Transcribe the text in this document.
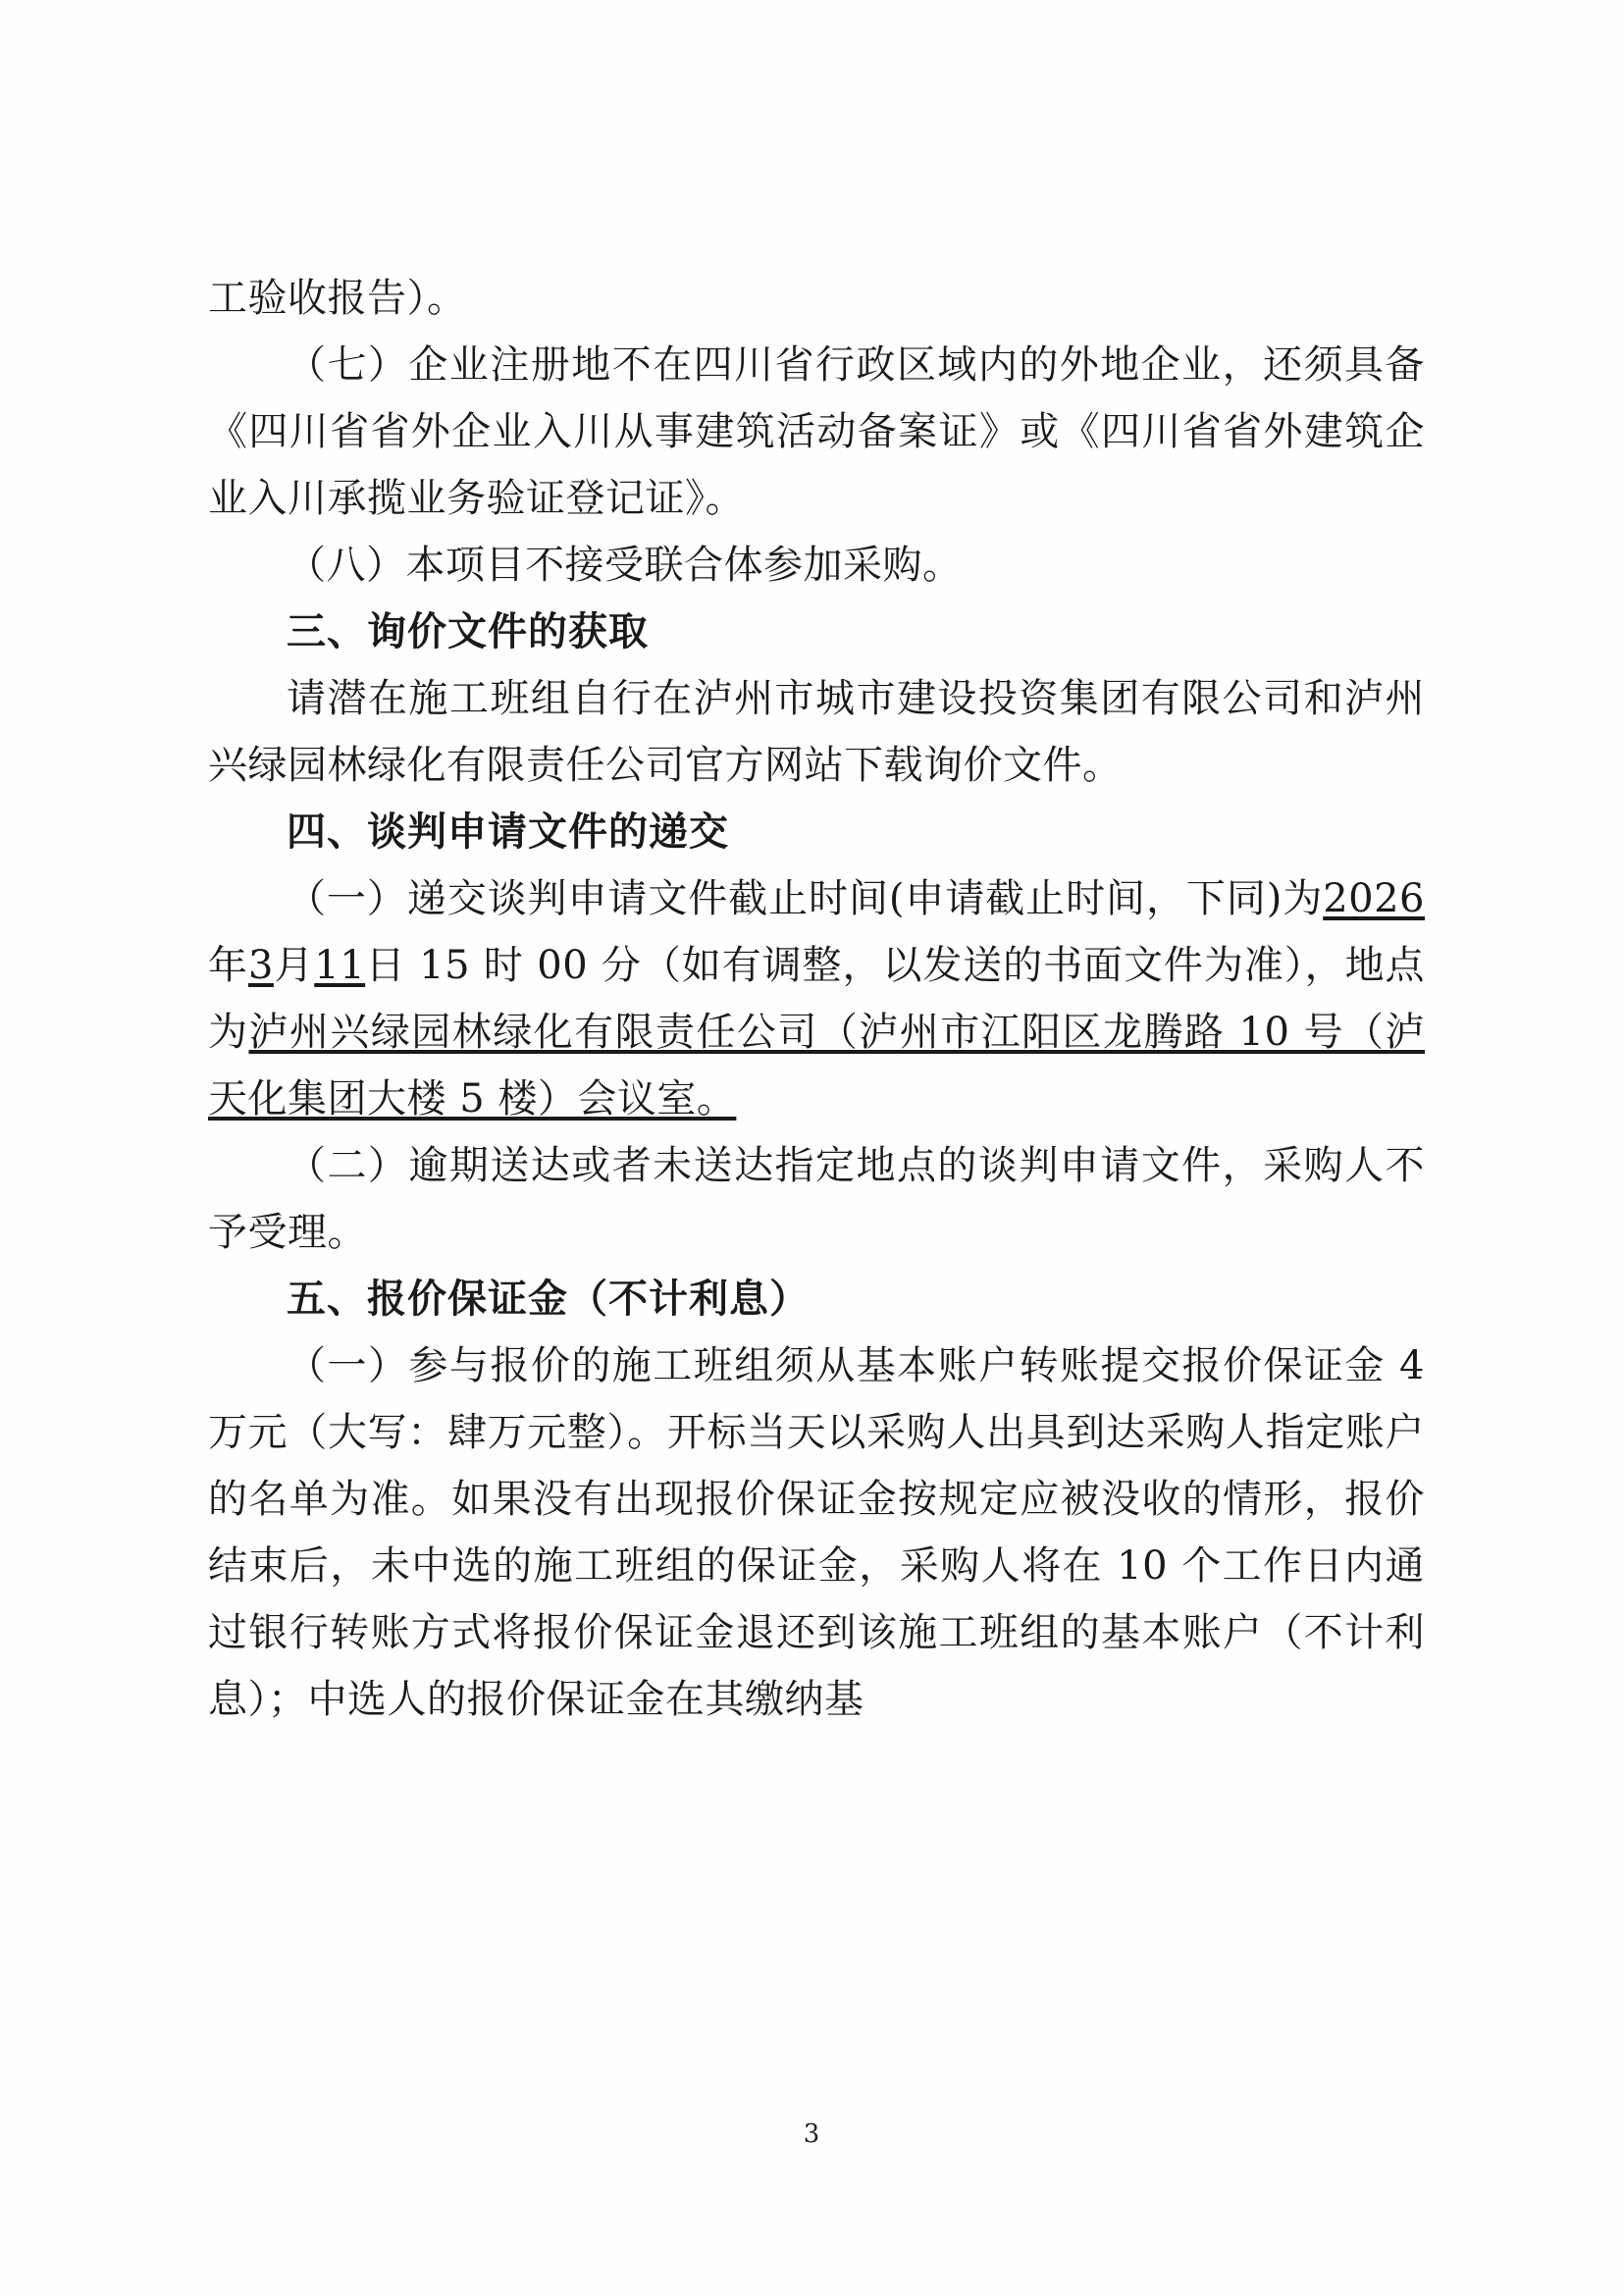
工验收报告）。

（七）企业注册地不在四川省行政区域内的外地企业，还须具备《四川省省外企业入川从事建筑活动备案证》或《四川省省外建筑企业入川承揽业务验证登记证》。

（八）本项目不接受联合体参加采购。

三、询价文件的获取

请潜在施工班组自行在泸州市城市建设投资集团有限公司和泸州兴绿园林绿化有限责任公司官方网站下载询价文件。

四、谈判申请文件的递交

（一）递交谈判申请文件截止时间(申请截止时间，下同)为2026年3月11日 15 时 00 分（如有调整，以发送的书面文件为准），地点为泸州兴绿园林绿化有限责任公司（泸州市江阳区龙腾路 10 号（泸天化集团大楼 5 楼）会议室。

（二）逾期送达或者未送达指定地点的谈判申请文件，采购人不予受理。

五、报价保证金（不计利息）

（一）参与报价的施工班组须从基本账户转账提交报价保证金 4 万元（大写：肆万元整）。开标当天以采购人出具到达采购人指定账户的名单为准。如果没有出现报价保证金按规定应被没收的情形，报价结束后，未中选的施工班组的保证金，采购人将在 10 个工作日内通过银行转账方式将报价保证金退还到该施工班组的基本账户（不计利息）；中选人的报价保证金在其缴纳基

3
